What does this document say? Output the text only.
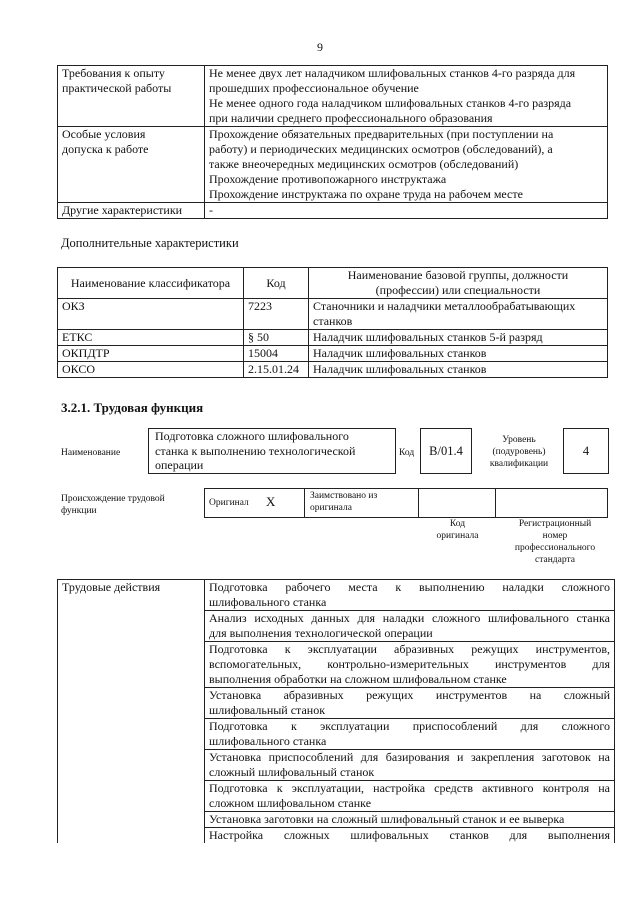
9
Требования к опыту
практической работы	Не менее двух лет наладчиком шлифовальных станков 4-го разряда для
прошедших профессиональное обучение
Не менее одного года наладчиком шлифовальных станков 4-го разряда
при наличии среднего профессионального образования

Особые условия
допуска к работе	Прохождение обязательных предварительных (при поступлении на
работу) и периодических медицинских осмотров (обследований), а
также внеочередных медицинских осмотров (обследований)
Прохождение противопожарного инструктажа
Прохождение инструктажа по охране труда на рабочем месте

Другие характеристики	-
Дополнительные характеристики
Наименование классификатора	Код	Наименование базовой группы, должности
(профессии) или специальности

ОКЗ	7223	Станочники и наладчики металлообрабатывающих
станков

ЕТКС	§ 50	Наладчик шлифовальных станков 5-й разряд
ОКПДТР	15004	Наладчик шлифовальных станков
ОКСО	2.15.01.24	Наладчик шлифовальных станков
3.2.1. Трудовая функция
Наименование
Подготовка сложного шлифовального
станка к выполнению технологической
операции
Код	B/01.4
Уровень
(подуровень)
квалификации
4
Происхождение трудовой
функции
Оригинал X	Заимствовано из
оригинала
Код
оригинала
Регистрационный
номер
профессионального
стандарта
Трудовые действия	Подготовка рабочего места к выполнению наладки сложного
шлифовального станка

Анализ исходных данных для наладки сложного шлифовального станка
для выполнения технологической операции

Подготовка к эксплуатации абразивных режущих инструментов,
вспомогательных, контрольно-измерительных инструментов для
выполнения обработки на сложном шлифовальном станке

Установка абразивных режущих инструментов на сложный
шлифовальный станок

Подготовка к эксплуатации приспособлений для сложного
шлифовального станка

Установка приспособлений для базирования и закрепления заготовок на
сложный шлифовальный станок

Подготовка к эксплуатации, настройка средств активного контроля на
сложном шлифовальном станке

Установка заготовки на сложный шлифовальный станок и ее выверка

Настройка сложных шлифовальных станков для выполнения
